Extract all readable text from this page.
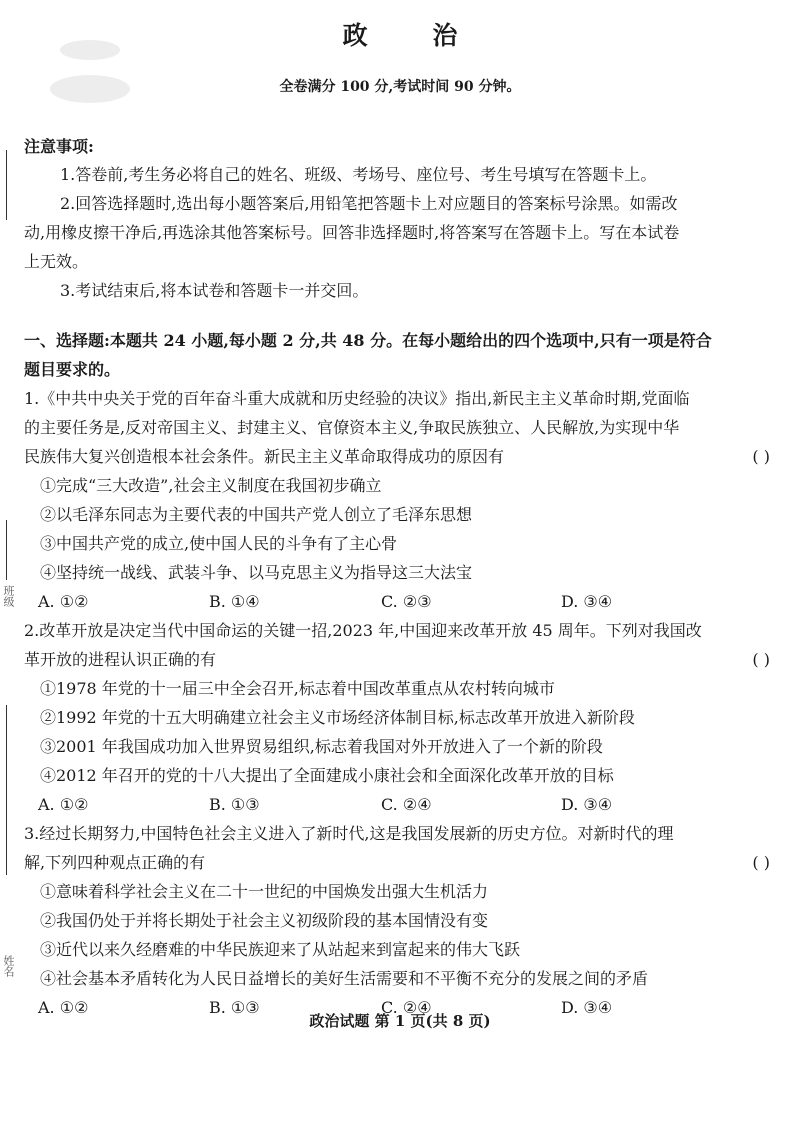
班级
姓名
政 治
全卷满分 100 分,考试时间 90 分钟。
注意事项:
1.答卷前,考生务必将自己的姓名、班级、考场号、座位号、考生号填写在答题卡上。
2.回答选择题时,选出每小题答案后,用铅笔把答题卡上对应题目的答案标号涂黑。如需改
动,用橡皮擦干净后,再选涂其他答案标号。回答非选择题时,将答案写在答题卡上。写在本试卷
上无效。
3.考试结束后,将本试卷和答题卡一并交回。
一、选择题:本题共 24 小题,每小题 2 分,共 48 分。在每小题给出的四个选项中,只有一项是符合
题目要求的。
1.《中共中央关于党的百年奋斗重大成就和历史经验的决议》指出,新民主主义革命时期,党面临
的主要任务是,反对帝国主义、封建主义、官僚资本主义,争取民族独立、人民解放,为实现中华
民族伟大复兴创造根本社会条件。新民主主义革命取得成功的原因有	( )
①完成“三大改造”,社会主义制度在我国初步确立
②以毛泽东同志为主要代表的中国共产党人创立了毛泽东思想
③中国共产党的成立,使中国人民的斗争有了主心骨
④坚持统一战线、武装斗争、以马克思主义为指导这三大法宝
A. ①②	B. ①④	C. ②③	D. ③④
2.改革开放是决定当代中国命运的关键一招,2023 年,中国迎来改革开放 45 周年。下列对我国改
革开放的进程认识正确的有	( )
①1978 年党的十一届三中全会召开,标志着中国改革重点从农村转向城市
②1992 年党的十五大明确建立社会主义市场经济体制目标,标志改革开放进入新阶段
③2001 年我国成功加入世界贸易组织,标志着我国对外开放进入了一个新的阶段
④2012 年召开的党的十八大提出了全面建成小康社会和全面深化改革开放的目标
A. ①②	B. ①③	C. ②④	D. ③④
3.经过长期努力,中国特色社会主义进入了新时代,这是我国发展新的历史方位。对新时代的理
解,下列四种观点正确的有	( )
①意味着科学社会主义在二十一世纪的中国焕发出强大生机活力
②我国仍处于并将长期处于社会主义初级阶段的基本国情没有变
③近代以来久经磨难的中华民族迎来了从站起来到富起来的伟大飞跃
④社会基本矛盾转化为人民日益增长的美好生活需要和不平衡不充分的发展之间的矛盾
A. ①②	B. ①③	C. ②④	D. ③④
政治试题 第 1 页(共 8 页)
